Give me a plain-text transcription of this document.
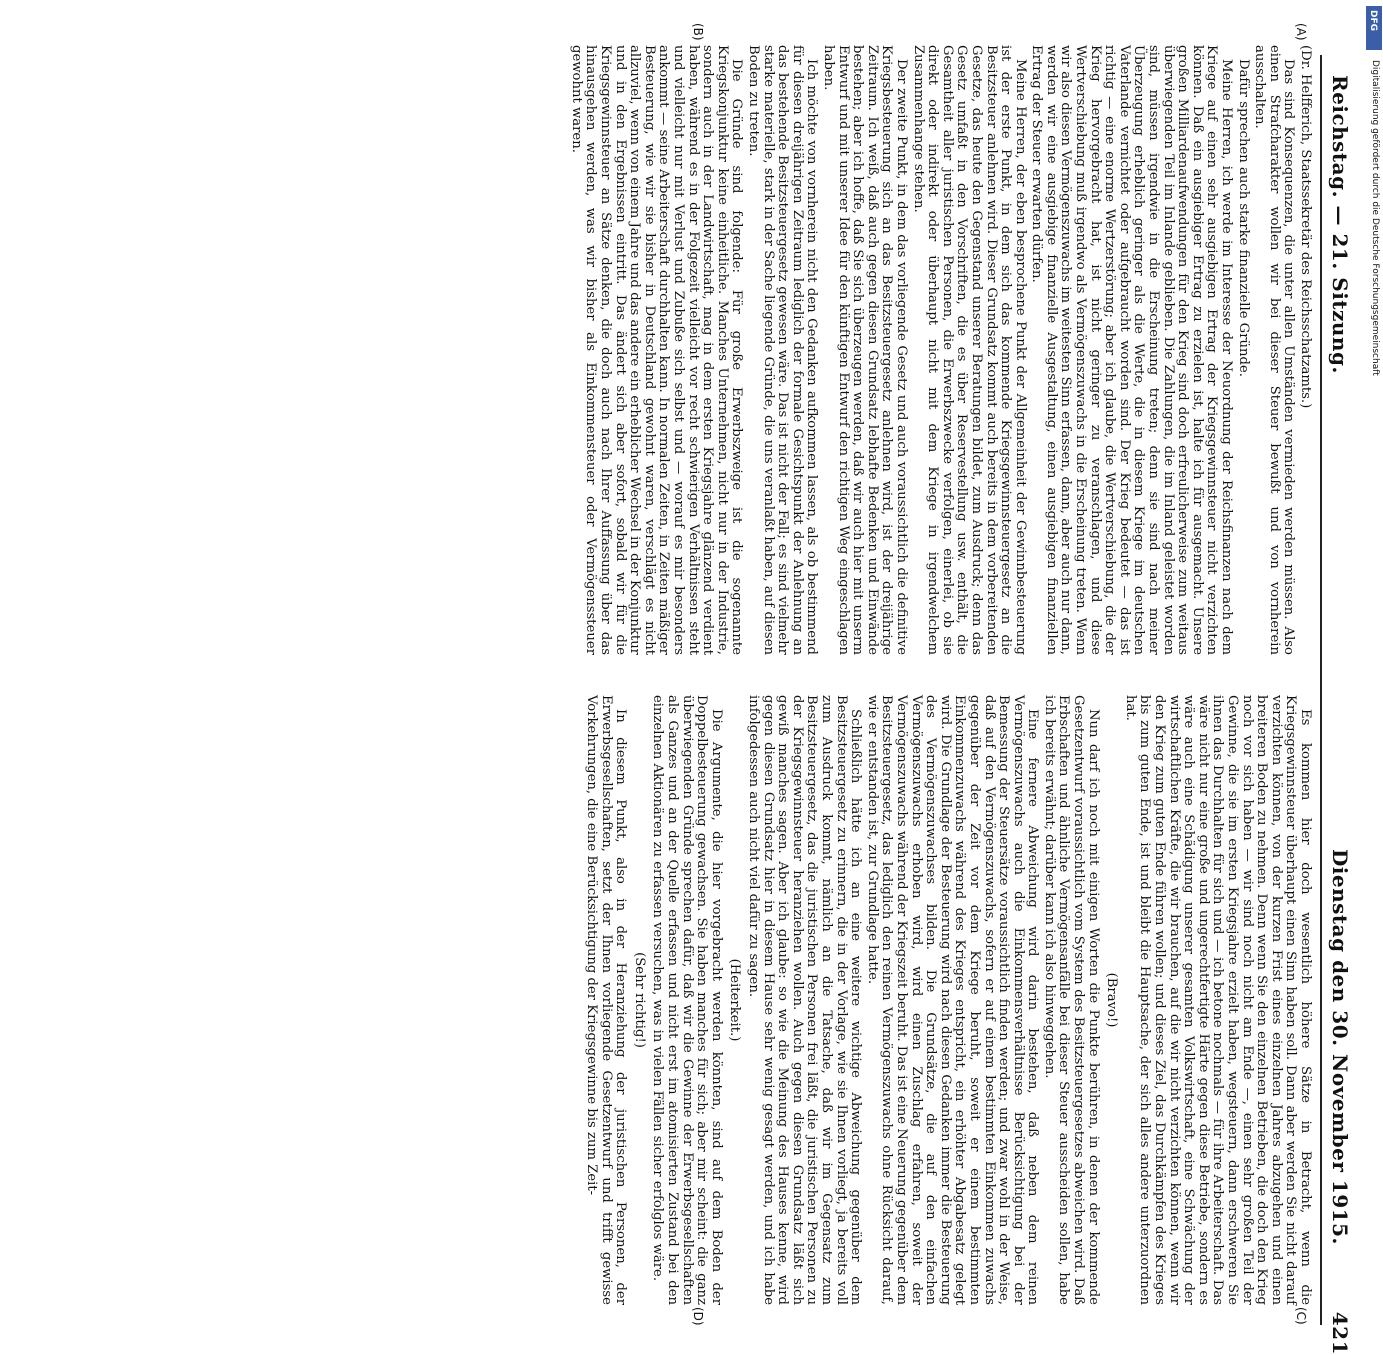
Reichstag. — 21. Sitzung.
Dienstag den 30. November 1915.
421
(A)
(B)
(C)
(D)

(Dr. Helfferich, Staatssekretär des Reichsschatzamts.)

Das sind Konsequenzen, die unter allen Umständen vermieden werden müssen. Also einen Strafcharakter wollen wir bei dieser Steuer bewußt und von vornherein ausschalten.

Dafür sprechen auch starke finanzielle Gründe.

Meine Herren, ich werde im Interesse der Neuordnung der Reichsfinanzen nach dem Kriege auf einen sehr ausgiebigen Ertrag der Kriegsgewinnsteuer nicht verzichten können. Daß ein ausgiebiger Ertrag zu erzielen ist, halte ich für ausgemacht. Unsere großen Milliardenaufwendungen für den Krieg sind doch erfreulicherweise zum weitaus überwiegenden Teil im Inlande geblieben. Die Zahlungen, die im Inland geleistet worden sind, müssen irgendwie in die Erscheinung treten; denn sie sind nach meiner Überzeugung erheblich geringer als die Werte, die in diesem Kriege im deutschen Vaterlande vernichtet oder aufgebraucht worden sind. Der Krieg bedeutet — das ist richtig — eine enorme Wertzerstörung; aber ich glaube, die Wertverschiebung, die der Krieg hervorgebracht hat, ist nicht geringer zu veranschlagen, und diese Wertverschiebung muß irgendwo als Vermögenszuwachs in die Erscheinung treten. Wenn wir also diesen Vermögenszuwachs im weitesten Sinn erfassen, dann, aber auch nur dann, werden wir eine ausgiebige finanzielle Ausgestaltung, einen ausgiebigen finanziellen Ertrag der Steuer erwarten dürfen.

Meine Herren, der eben besprochene Punkt der Allgemeinheit der Gewinnbesteuerung ist der erste Punkt, in dem sich das kommende Kriegsgewinnsteuergesetz an die Besitzsteuer anlehnen wird. Dieser Grundsatz kommt auch bereits in dem vorbereitenden Gesetze, das heute den Gegenstand unserer Beratungen bildet, zum Ausdruck; denn das Gesetz umfaßt in den Vorschriften, die es über Reservestellung usw. enthält, die Gesamtheit aller juristischen Personen, die Erwerbszwecke verfolgen, einerlei, ob sie direkt oder indirekt oder überhaupt nicht mit dem Kriege in irgendwelchem Zusammenhange stehen.

Der zweite Punkt, in dem das vorliegende Gesetz und auch voraussichtlich die definitive Kriegsbesteuerung sich an das Besitzsteuergesetz anlehnen wird, ist der dreijährige Zeitraum. Ich weiß, daß auch gegen diesen Grundsatz lebhafte Bedenken und Einwände bestehen; aber ich hoffe, daß Sie sich überzeugen werden, daß wir auch hier mit unserm Entwurf und mit unserer Idee für den künftigen Entwurf den richtigen Weg eingeschlagen haben.

Ich möchte von vornherein nicht den Gedanken aufkommen lassen, als ob bestimmend für diesen dreijährigen Zeitraum lediglich der formale Gesichtspunkt der Anlehnung an das bestehende Besitzsteuergesetz gewesen wäre. Das ist nicht der Fall; es sind vielmehr starke materielle, stark in der Sache liegende Gründe, die uns veranlaßt haben, auf diesen Boden zu treten.

Die Gründe sind folgende: Für große Erwerbszweige ist die sogenannte Kriegskonjunktur keine einheitliche. Manches Unternehmen, nicht nur in der Industrie, sondern auch in der Landwirtschaft, mag in dem ersten Kriegsjahre glänzend verdient haben, während es in der Folgezeit vielleicht vor recht schwierigen Verhältnissen steht und vielleicht nur mit Verlust und Zubuße sich selbst und — worauf es mir besonders ankommt — seine Arbeiterschaft durchhalten kann. In normalen Zeiten, in Zeiten mäßiger Besteuerung, wie wir sie bisher in Deutschland gewohnt waren, verschlägt es nicht allzuviel, wenn von einem Jahre und das andere ein erheblicher Wechsel in der Konjunktur und in den Ergebnissen eintritt. Das ändert sich aber sofort, sobald wir für die Kriegsgewinnsteuer an Sätze denken, die doch auch nach Ihrer Auffassung über das hinausgehen werden, was wir bisher als Einkommensteuer oder Vermögenssteuer gewohnt waren.

Es kommen hier doch wesentlich höhere Sätze in Betracht, wenn die Kriegsgewinnsteuer überhaupt einen Sinn haben soll. Dann aber werden Sie nicht darauf verzichten können, von der kurzen Frist eines einzelnen Jahres abzugehen und einen breiteren Boden zu nehmen. Denn wenn Sie den einzelnen Betrieben, die doch den Krieg noch vor sich haben — wir sind noch nicht am Ende —, einen sehr großen Teil der Gewinne, die sie im ersten Kriegsjahre erzielt haben, wegsteuern, dann erschweren Sie ihnen das Durchhalten für sich und — ich betone nochmals — für ihre Arbeiterschaft. Das wäre nicht nur eine große und ungerechtfertigte Härte gegen diese Betriebe, sondern es wäre auch eine Schädigung unserer gesamten Volkswirtschaft, eine Schwächung der wirtschaftlichen Kräfte, die wir brauchen, auf die wir nicht verzichten können, wenn wir den Krieg zum guten Ende führen wollen; und dieses Ziel, das Durchkämpfen des Krieges bis zum guten Ende, ist und bleibt die Hauptsache, der sich alles andere unterzuordnen hat.

(Bravo!)

Nun darf ich noch mit einigen Worten die Punkte berühren, in denen der kommende Gesetzentwurf voraussichtlich vom System des Besitzsteuergesetzes abweichen wird. Daß Erbschaften und ähnliche Vermögensanfälle bei dieser Steuer ausscheiden sollen, habe ich bereits erwähnt; darüber kann ich also hinweggehen.

Eine fernere Abweichung wird darin bestehen, daß neben dem reinen Vermögenszuwachs auch die Einkommensverhältnisse Berücksichtigung bei der Bemessung der Steuersätze voraussichtlich finden werden; und zwar wohl in der Weise, daß auf den Vermögenszuwachs, sofern er auf einem bestimmten Einkommen zuwachs gegenüber der Zeit vor dem Kriege beruht, soweit er einem bestimmten Einkommenzuwachs während des Krieges entspricht, ein erhöhter Abgabesatz gelegt wird. Die Grundlage der Besteuerung wird nach diesen Gedanken immer die Besteuerung des Vermögenszuwachses bilden. Die Grundsätze, die auf den einfachen Vermögenszuwachs erhoben wird, wird einen Zuschlag erfahren, soweit der Vermögenszuwachs während der Kriegszeit beruht. Das ist eine Neuerung gegenüber dem Besitzsteuergesetz, das lediglich den reinen Vermögenszuwachs ohne Rücksicht darauf, wie er entstanden ist, zur Grundlage hatte.

Schließlich hätte ich an eine weitere wichtige Abweichung gegenüber dem Besitzsteuergesetz zu erinnern, die in der Vorlage, wie sie Ihnen vorliegt, ja bereits voll zum Ausdruck kommt, nämlich an die Tatsache, daß wir im Gegensatz zum Besitzsteuergesetz, das die juristischen Personen frei läßt, die juristischen Personen zu der Kriegsgewinnsteuer heranziehen wollen. Auch gegen diesen Grundsatz läßt sich gewiß manches sagen. Aber ich glaube: so wie die Meinung des Hauses kenne, wird gegen diesen Grundsatz hier in diesem Hause sehr wenig gesagt werden, und ich habe infolgedessen auch nicht viel dafür zu sagen.

(Heiterkeit.)

Die Argumente, die hier vorgebracht werden könnten, sind auf dem Boden der Doppelbesteuerung gewachsen. Sie haben manches für sich; aber mir scheint: die ganz überwiegenden Gründe sprechen dafür, daß wir die Gewinne der Erwerbsgesellschaften als Ganzes und an der Quelle erfassen und nicht erst im atomisierten Zustand bei den einzelnen Aktionären zu erfassen versuchen, was in vielen Fällen sicher erfolglos wäre.

(Sehr richtig!)

In diesem Punkt, also in der Heranziehung der juristischen Personen, der Erwerbsgesellschaften, setzt der Ihnen vorliegende Gesetzentwurf und trifft gewisse Vorkehrungen, die eine Berücksichtigung der Kriegsgewinne bis zum Zeit-

DFG
Digitalisierung gefördert durch die Deutsche Forschungsgemeinschaft
